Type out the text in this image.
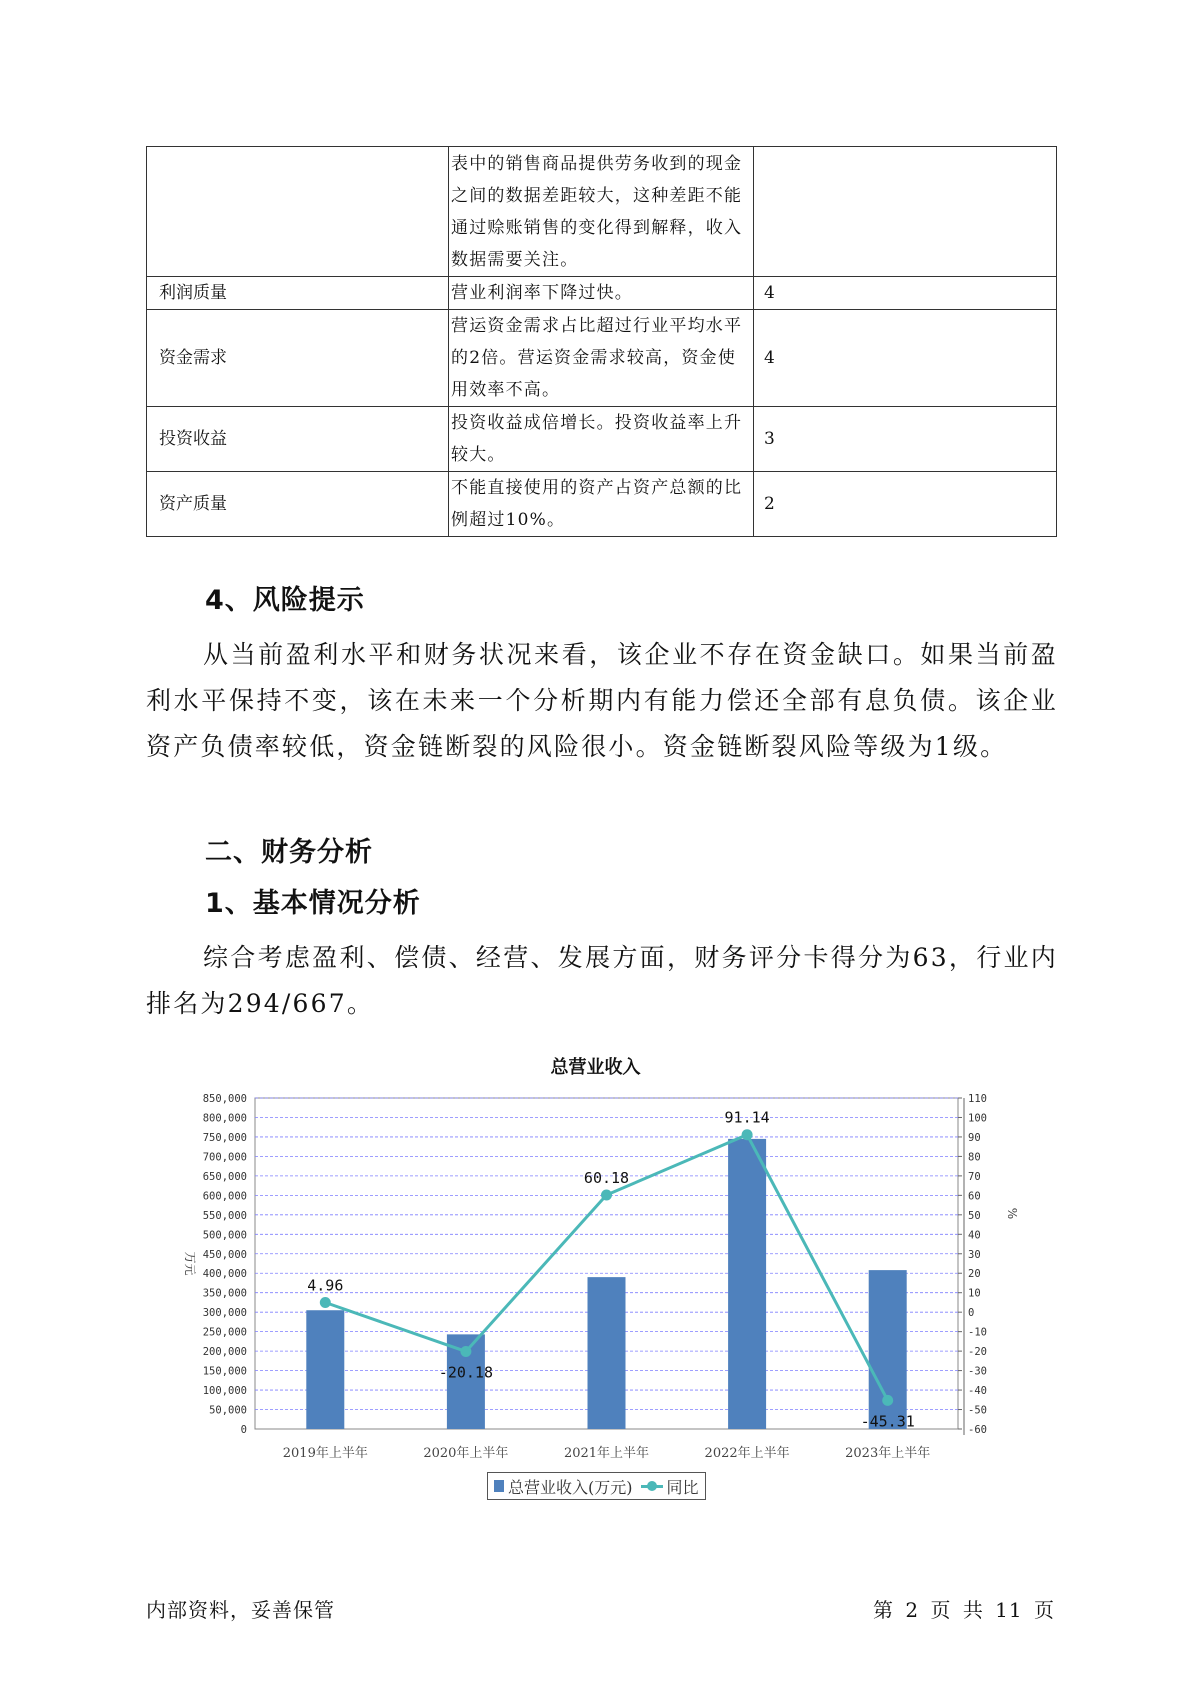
	表中的销售商品提供劳务收到的现金之间的数据差距较大，这种差距不能通过赊账销售的变化得到解释，收入数据需要关注。	

利润质量	营业利润率下降过快。	4
资金需求	营运资金需求占比超过行业平均水平的2倍。营运资金需求较高，资金使用效率不高。	4
投资收益	投资收益成倍增长。投资收益率上升较大。	3
资产质量	不能直接使用的资产占资产总额的比例超过10%。	2
4、风险提示

从当前盈利水平和财务状况来看，该企业不存在资金缺口。如果当前盈利水平保持不变，该在未来一个分析期内有能力偿还全部有息负债。该企业资产负债率较低，资金链断裂的风险很小。资金链断裂风险等级为1级。

二、财务分析
1、基本情况分析

综合考虑盈利、偿债、经营、发展方面，财务评分卡得分为63，行业内排名为294/667。

总营业收入
0
50,000
100,000
150,000
200,000
250,000
300,000
350,000
400,000
450,000
500,000
550,000
600,000
650,000
700,000
750,000
800,000
850,000
-60
-50
-40
-30
-20
-10
0
10
20
30
40
50
60
70
80
90
100
110
万元
%
2019年上半年	2020年上半年	2021年上半年	2022年上半年	2023年上半年
4.96
-20.18
60.18
91.14
-45.31
总营业收入(万元) 同比
内部资料，妥善保管	第 2 页 共 11 页
